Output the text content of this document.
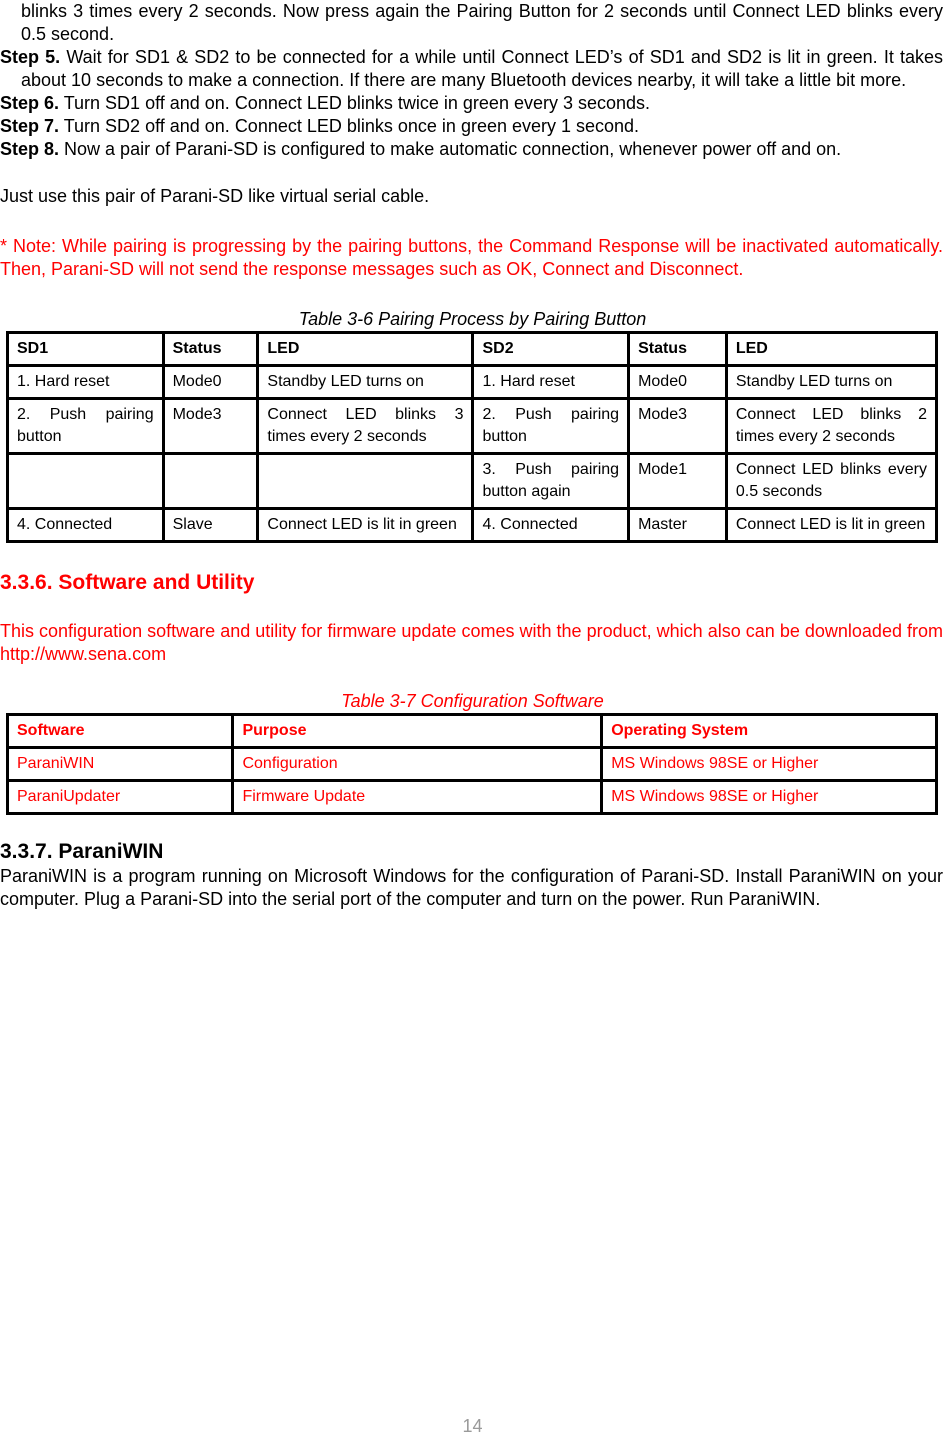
blinks 3 times every 2 seconds. Now press again the Pairing Button for 2 seconds until Connect LED blinks every 0.5 second.

Step 5. Wait for SD1 & SD2 to be connected for a while until Connect LED’s of SD1 and SD2 is lit in green. It takes about 10 seconds to make a connection. If there are many Bluetooth devices nearby, it will take a little bit more.

Step 6. Turn SD1 off and on. Connect LED blinks twice in green every 3 seconds.

Step 7. Turn SD2 off and on. Connect LED blinks once in green every 1 second.

Step 8. Now a pair of Parani-SD is configured to make automatic connection, whenever power off and on.

Just use this pair of Parani-SD like virtual serial cable.

* Note: While pairing is progressing by the pairing buttons, the Command Response will be inactivated automatically. Then, Parani-SD will not send the response messages such as OK, Connect and Disconnect.

Table 3-6 Pairing Process by Pairing Button

SD1	Status	LED	SD2	Status	LED
1. Hard reset	Mode0	Standby LED turns on	1. Hard reset	Mode0	Standby LED turns on
2. Push pairing button	Mode3	Connect LED blinks 3 times every 2 seconds	2. Push pairing button	Mode3	Connect LED blinks 2 times every 2 seconds
			3. Push pairing button again	Mode1	Connect LED blinks every 0.5 seconds
4. Connected	Slave	Connect LED is lit in green	4. Connected	Master	Connect LED is lit in green
3.3.6. Software and Utility

This configuration software and utility for firmware update comes with the product, which also can be downloaded from http://www.sena.com

Table 3-7 Configuration Software

Software	Purpose	Operating System
ParaniWIN	Configuration	MS Windows 98SE or Higher
ParaniUpdater	Firmware Update	MS Windows 98SE or Higher
3.3.7. ParaniWIN

ParaniWIN is a program running on Microsoft Windows for the configuration of Parani-SD. Install ParaniWIN on your computer. Plug a Parani-SD into the serial port of the computer and turn on the power. Run ParaniWIN.

14
